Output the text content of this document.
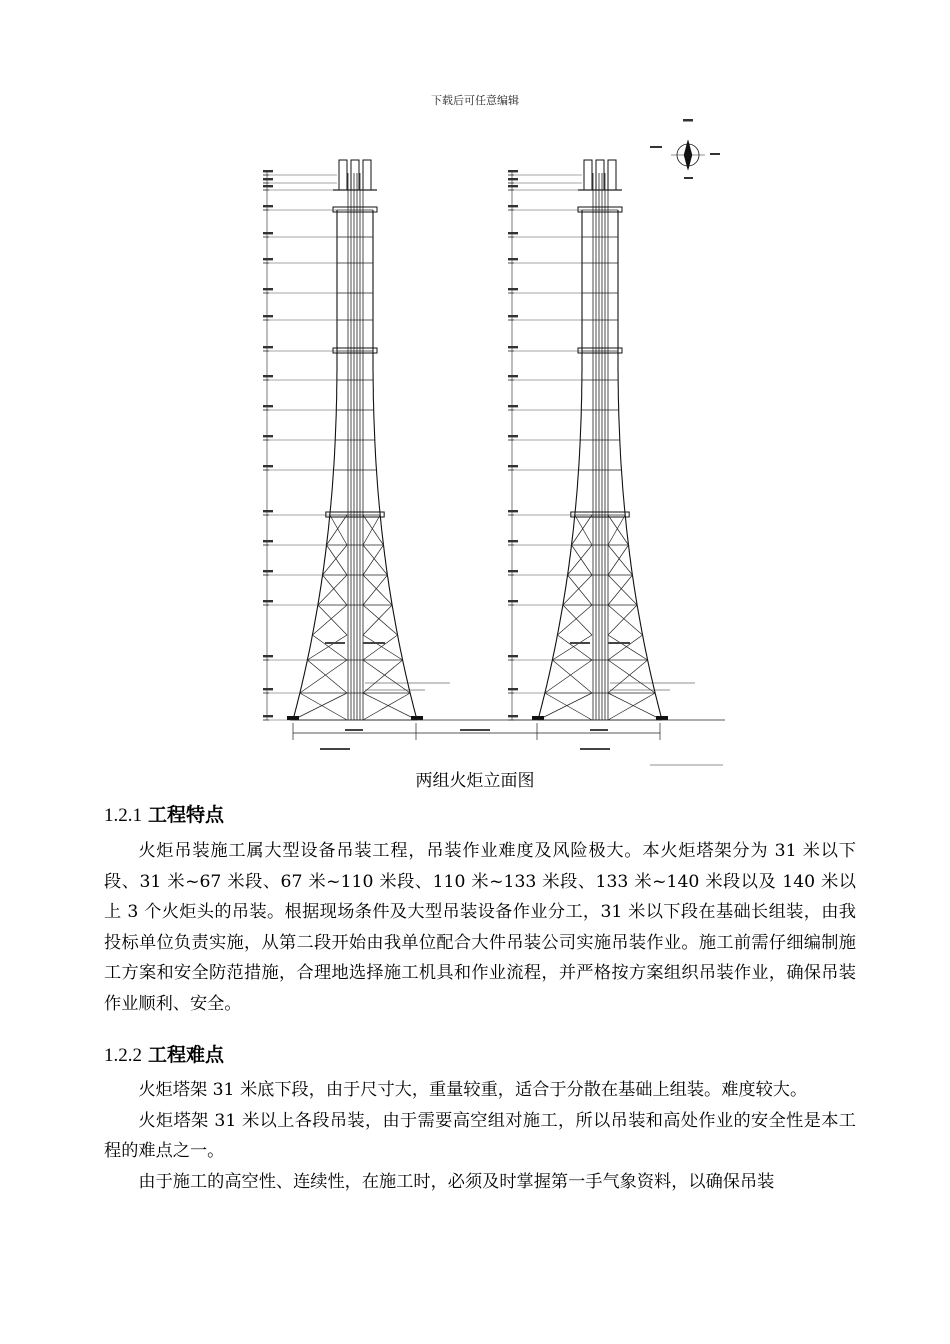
下载后可任意编辑
两组火炬立面图
1.2.1 工程特点

火炬吊装施工属大型设备吊装工程，吊装作业难度及风险极大。本火炬塔架分为 31 米以下段、31 米~67 米段、67 米~110 米段、110 米~133 米段、133 米~140 米段以及 140 米以上 3 个火炬头的吊装。根据现场条件及大型吊装设备作业分工，31 米以下段在基础长组装，由我投标单位负责实施，从第二段开始由我单位配合大件吊装公司实施吊装作业。施工前需仔细编制施工方案和安全防范措施，合理地选择施工机具和作业流程，并严格按方案组织吊装作业，确保吊装作业顺利、安全。

1.2.2 工程难点

火炬塔架 31 米底下段，由于尺寸大，重量较重，适合于分散在基础上组装。难度较大。

火炬塔架 31 米以上各段吊装，由于需要高空组对施工，所以吊装和高处作业的安全性是本工程的难点之一。

由于施工的高空性、连续性，在施工时，必须及时掌握第一手气象资料，以确保吊装
